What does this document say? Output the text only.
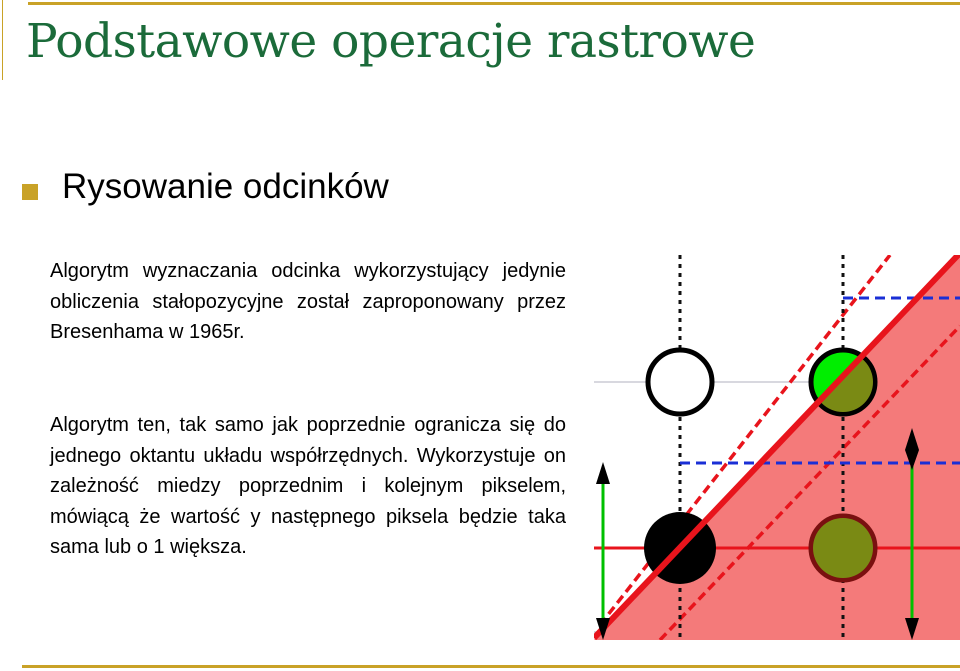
Podstawowe operacje rastrowe
Rysowanie odcinków
Algorytm wyznaczania odcinka wykorzystujący jedynie obliczenia stałopozycyjne został zaproponowany przez Bresenhama w 1965r.
Algorytm ten, tak samo jak poprzednie ogranicza się do jednego oktantu układu współrzędnych. Wykorzystuje on zależność miedzy poprzednim i kolejnym pikselem, mówiącą że wartość y następnego piksela będzie taka sama lub o 1 większa.
